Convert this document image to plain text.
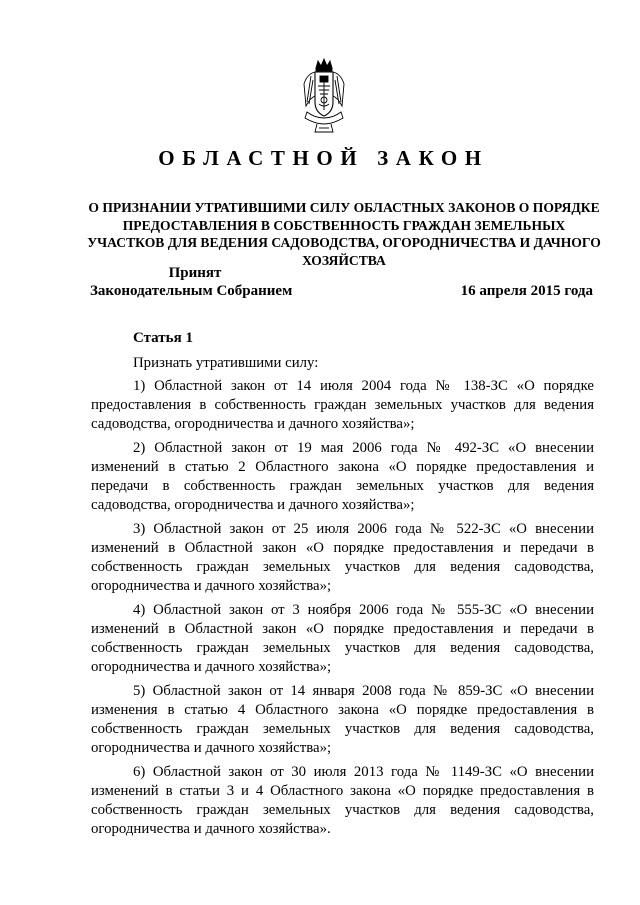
ОБЛАСТНОЙ ЗАКОН
О ПРИЗНАНИИ УТРАТИВШИМИ СИЛУ ОБЛАСТНЫХ ЗАКОНОВ О ПОРЯДКЕ ПРЕДОСТАВЛЕНИЯ В СОБСТВЕННОСТЬ ГРАЖДАН ЗЕМЕЛЬНЫХ УЧАСТКОВ ДЛЯ ВЕДЕНИЯ САДОВОДСТВА, ОГОРОДНИЧЕСТВА И ДАЧНОГО ХОЗЯЙСТВА
Принят
Законодательным Собранием	16 апреля 2015 года
Статья 1

Признать утратившими силу:

1) Областной закон от 14 июля 2004 года № 138-ЗС «О порядке предоставления в собственность граждан земельных участков для ведения садоводства, огородничества и дачного хозяйства»;

2) Областной закон от 19 мая 2006 года № 492-ЗС «О внесении изменений в статью 2 Областного закона «О порядке предоставления и передачи в собственность граждан земельных участков для ведения садоводства, огородничества и дачного хозяйства»;

3) Областной закон от 25 июля 2006 года № 522-ЗС «О внесении изменений в Областной закон «О порядке предоставления и передачи в собственность граждан земельных участков для ведения садоводства, огородничества и дачного хозяйства»;

4) Областной закон от 3 ноября 2006 года № 555-ЗС «О внесении изменений в Областной закон «О порядке предоставления и передачи в собственность граждан земельных участков для ведения садоводства, огородничества и дачного хозяйства»;

5) Областной закон от 14 января 2008 года № 859-ЗС «О внесении изменения в статью 4 Областного закона «О порядке предоставления в собственность граждан земельных участков для ведения садоводства, огородничества и дачного хозяйства»;

6) Областной закон от 30 июля 2013 года № 1149-ЗС «О внесении изменений в статьи 3 и 4 Областного закона «О порядке предоставления в собственность граждан земельных участков для ведения садоводства, огородничества и дачного хозяйства».
